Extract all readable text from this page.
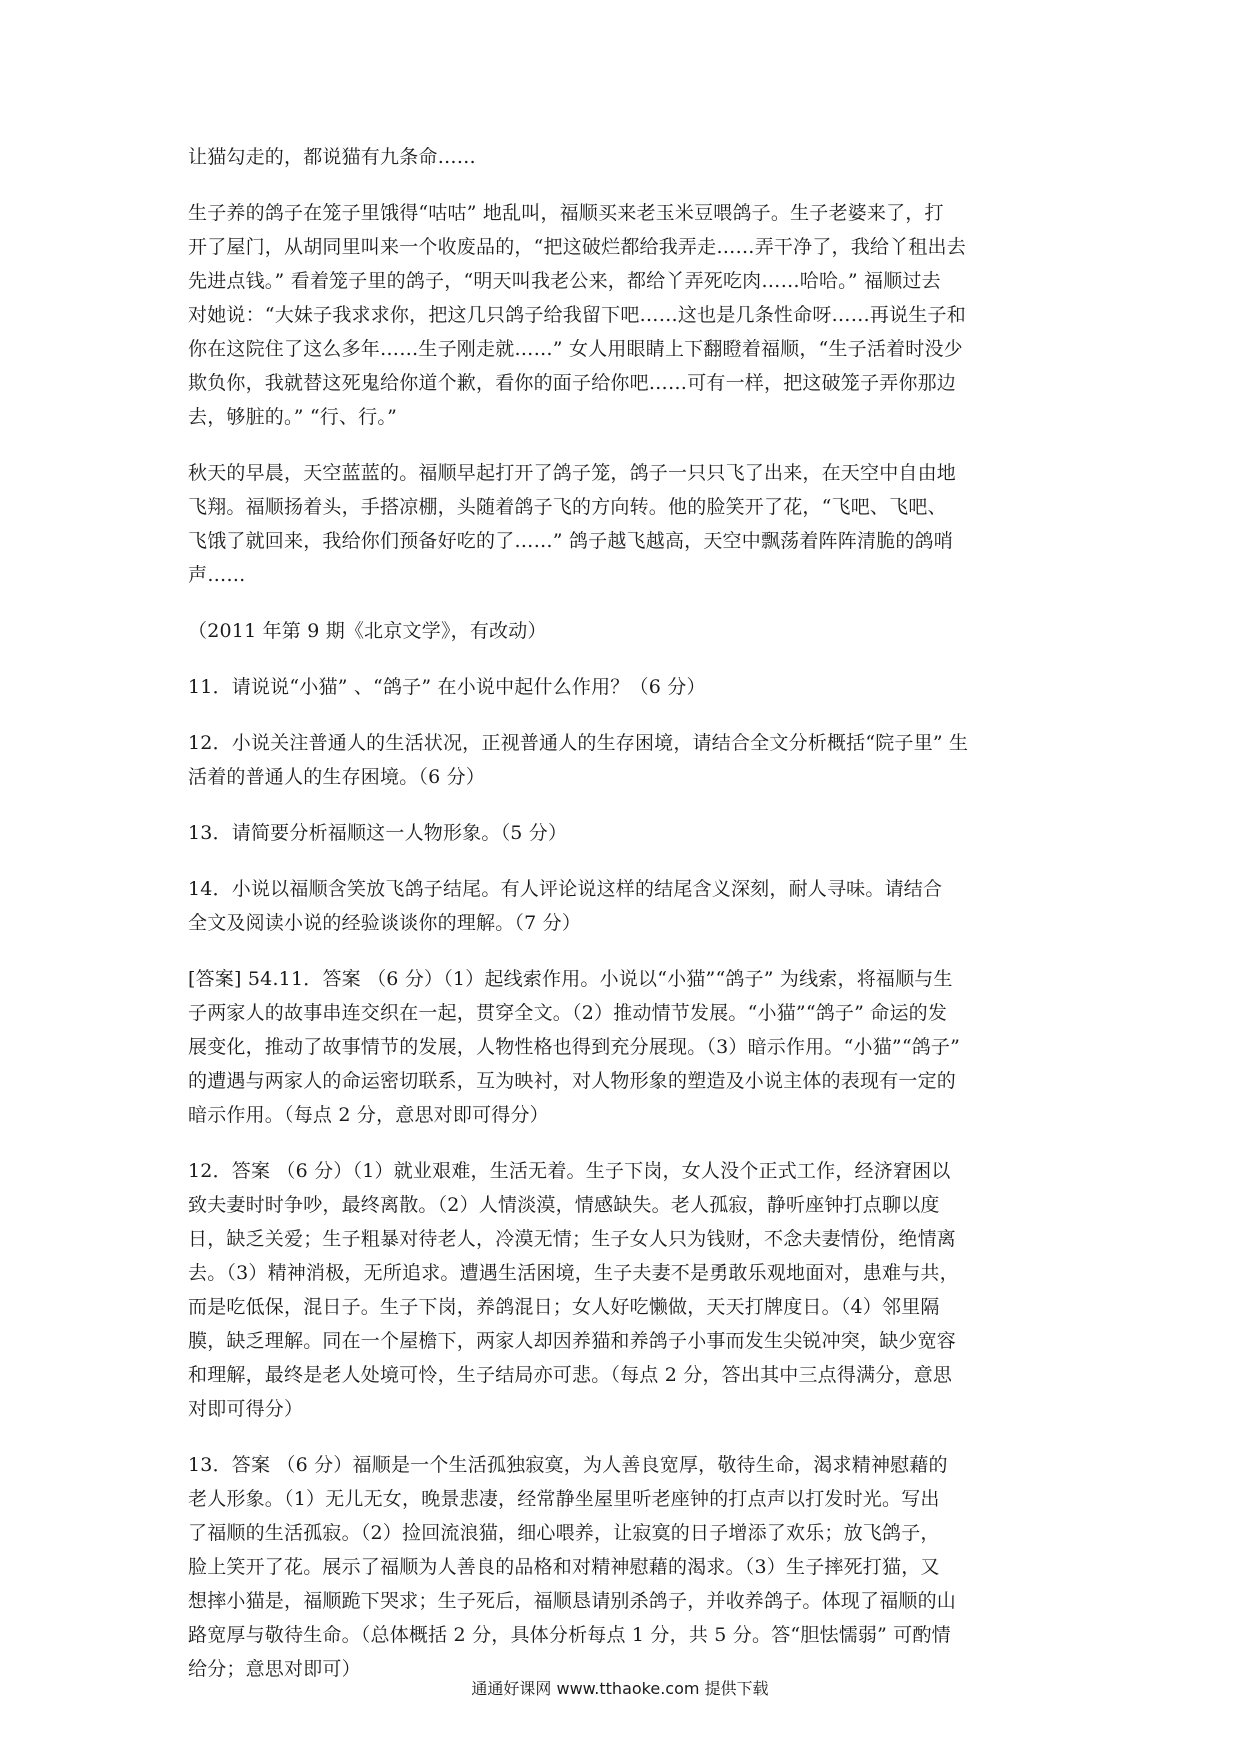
让猫勾走的，都说猫有九条命……
生子养的鸽子在笼子里饿得“咕咕” 地乱叫，福顺买来老玉米豆喂鸽子。生子老婆来了，打
开了屋门，从胡同里叫来一个收废品的，“把这破烂都给我弄走……弄干净了，我给丫租出去
先进点钱。” 看着笼子里的鸽子，“明天叫我老公来，都给丫弄死吃肉……哈哈。” 福顺过去
对她说：“大妹子我求求你，把这几只鸽子给我留下吧……这也是几条性命呀……再说生子和
你在这院住了这么多年……生子刚走就……” 女人用眼睛上下翻瞪着福顺，“生子活着时没少
欺负你，我就替这死鬼给你道个歉，看你的面子给你吧……可有一样，把这破笼子弄你那边
去，够脏的。” “行、行。”
秋天的早晨，天空蓝蓝的。福顺早起打开了鸽子笼，鸽子一只只飞了出来，在天空中自由地
飞翔。福顺扬着头，手搭凉棚，头随着鸽子飞的方向转。他的脸笑开了花，“飞吧、飞吧、
飞饿了就回来，我给你们预备好吃的了……” 鸽子越飞越高，天空中飘荡着阵阵清脆的鸽哨
声……
（2011 年第 9 期《北京文学》，有改动）
11．请说说“小猫” 、“鸽子” 在小说中起什么作用？（6 分）
12．小说关注普通人的生活状况，正视普通人的生存困境，请结合全文分析概括“院子里” 生
活着的普通人的生存困境。（6 分）
13．请简要分析福顺这一人物形象。（5 分）
14．小说以福顺含笑放飞鸽子结尾。有人评论说这样的结尾含义深刻，耐人寻味。请结合
全文及阅读小说的经验谈谈你的理解。（7 分）
[答案] 54.11．答案 （6 分）（1）起线索作用。小说以“小猫”“鸽子” 为线索，将福顺与生
子两家人的故事串连交织在一起，贯穿全文。（2）推动情节发展。“小猫”“鸽子” 命运的发
展变化，推动了故事情节的发展，人物性格也得到充分展现。（3）暗示作用。“小猫”“鸽子”
的遭遇与两家人的命运密切联系，互为映衬，对人物形象的塑造及小说主体的表现有一定的
暗示作用。（每点 2 分，意思对即可得分）
12．答案 （6 分）（1）就业艰难，生活无着。生子下岗，女人没个正式工作，经济窘困以
致夫妻时时争吵，最终离散。（2）人情淡漠，情感缺失。老人孤寂，静听座钟打点聊以度
日，缺乏关爱；生子粗暴对待老人，冷漠无情；生子女人只为钱财，不念夫妻情份，绝情离
去。（3）精神消极，无所追求。遭遇生活困境，生子夫妻不是勇敢乐观地面对，患难与共，
而是吃低保，混日子。生子下岗，养鸽混日；女人好吃懒做，天天打牌度日。（4）邻里隔
膜，缺乏理解。同在一个屋檐下，两家人却因养猫和养鸽子小事而发生尖锐冲突，缺少宽容
和理解，最终是老人处境可怜，生子结局亦可悲。（每点 2 分，答出其中三点得满分，意思
对即可得分）
13．答案 （6 分）福顺是一个生活孤独寂寞，为人善良宽厚，敬待生命，渴求精神慰藉的
老人形象。（1）无儿无女，晚景悲凄，经常静坐屋里听老座钟的打点声以打发时光。写出
了福顺的生活孤寂。（2）捡回流浪猫，细心喂养，让寂寞的日子增添了欢乐；放飞鸽子，
脸上笑开了花。展示了福顺为人善良的品格和对精神慰藉的渴求。（3）生子摔死打猫，又
想摔小猫是，福顺跪下哭求；生子死后，福顺恳请别杀鸽子，并收养鸽子。体现了福顺的山
路宽厚与敬待生命。（总体概括 2 分，具体分析每点 1 分，共 5 分。答“胆怯懦弱” 可酌情
给分；意思对即可）
通通好课网 www.tthaoke.com 提供下载
